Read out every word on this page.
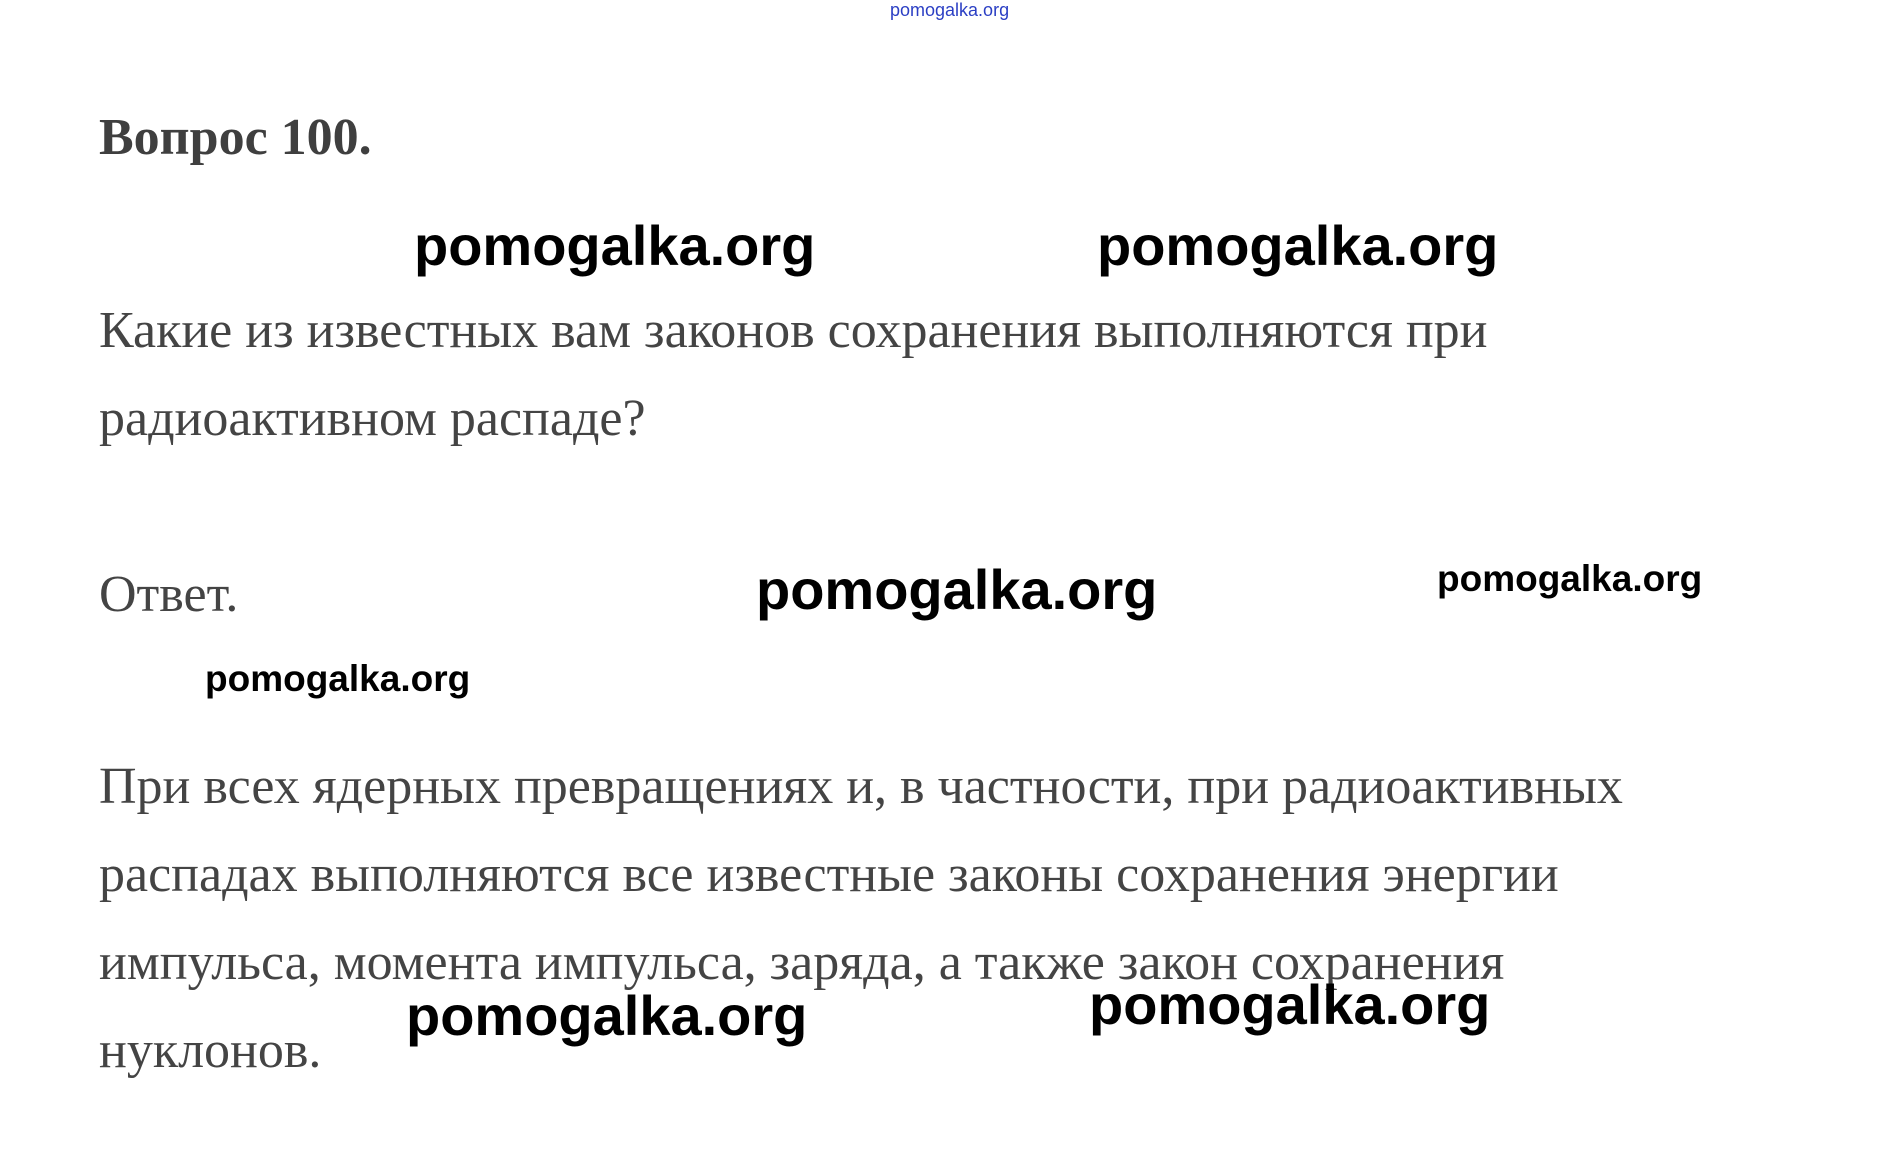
pomogalka.org
Вопрос 100.

Какие из известных вам законов сохранения выполняются при
радиоактивном распаде?

Ответ.

При всех ядерных превращениях и, в частности, при радиоактивных
распадах выполняются все известные законы сохранения энергии
импульса, момента импульса, заряда, а также закон сохранения
нуклонов.

pomogalka.org	pomogalka.org
pomogalka.org	pomogalka.org
pomogalka.org
pomogalka.org	pomogalka.org
